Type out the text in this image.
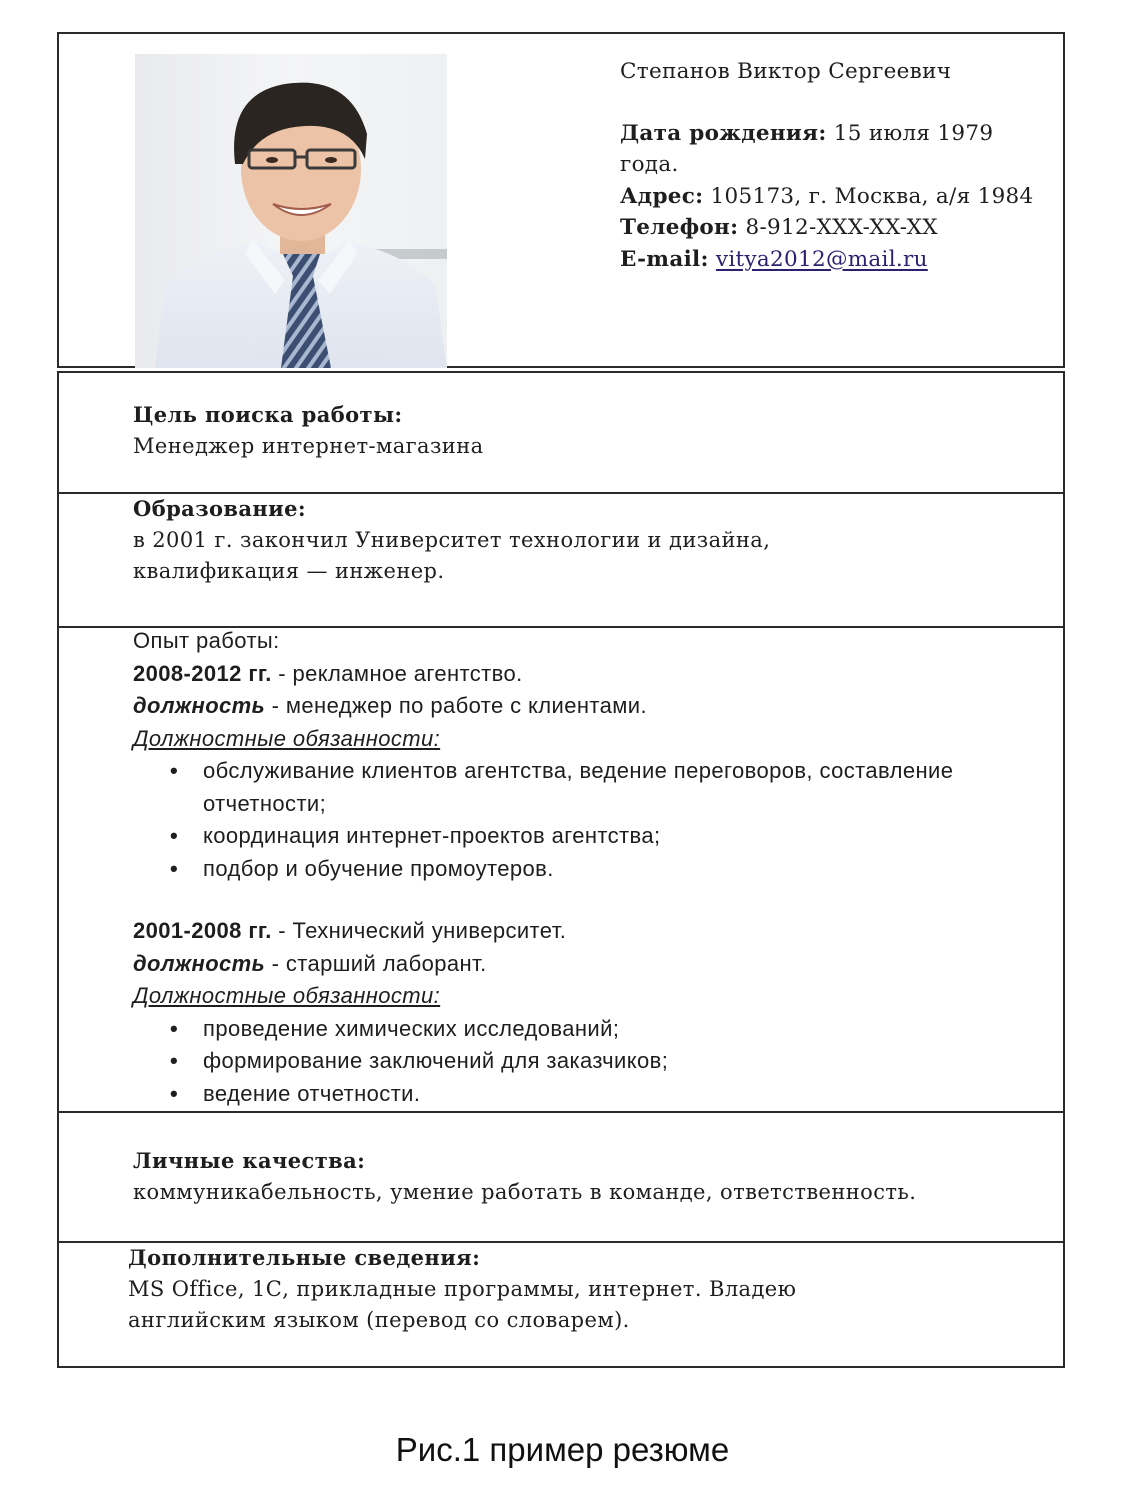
Степанов Виктор Сергеевич
Дата рождения: 15 июля 1979 года.
Адрес: 105173, г. Москва, а/я 1984
Телефон: 8-912-XXX-XX-XX
E-mail: vitya2012@mail.ru
Цель поиска работы:
Менеджер интернет-магазина
Образование:
в 2001 г. закончил Университет технологии и дизайна,
квалификация — инженер.
Опыт работы:
2008-2012 гг. - рекламное агентство.
должность - менеджер по работе с клиентами.
Должностные обязанности:
• обслуживание клиентов агентства, ведение переговоров, составление отчетности;
• координация интернет-проектов агентства;
• подбор и обучение промоутеров.
2001-2008 гг. - Технический университет.
должность - старший лаборант.
Должностные обязанности:
• проведение химических исследований;
• формирование заключений для заказчиков;
• ведение отчетности.
Личные качества:
коммуникабельность, умение работать в команде, ответственность.
Дополнительные сведения:
MS Office, 1С, прикладные программы, интернет. Владею
английским языком (перевод со словарем).
Рис.1 пример резюме
